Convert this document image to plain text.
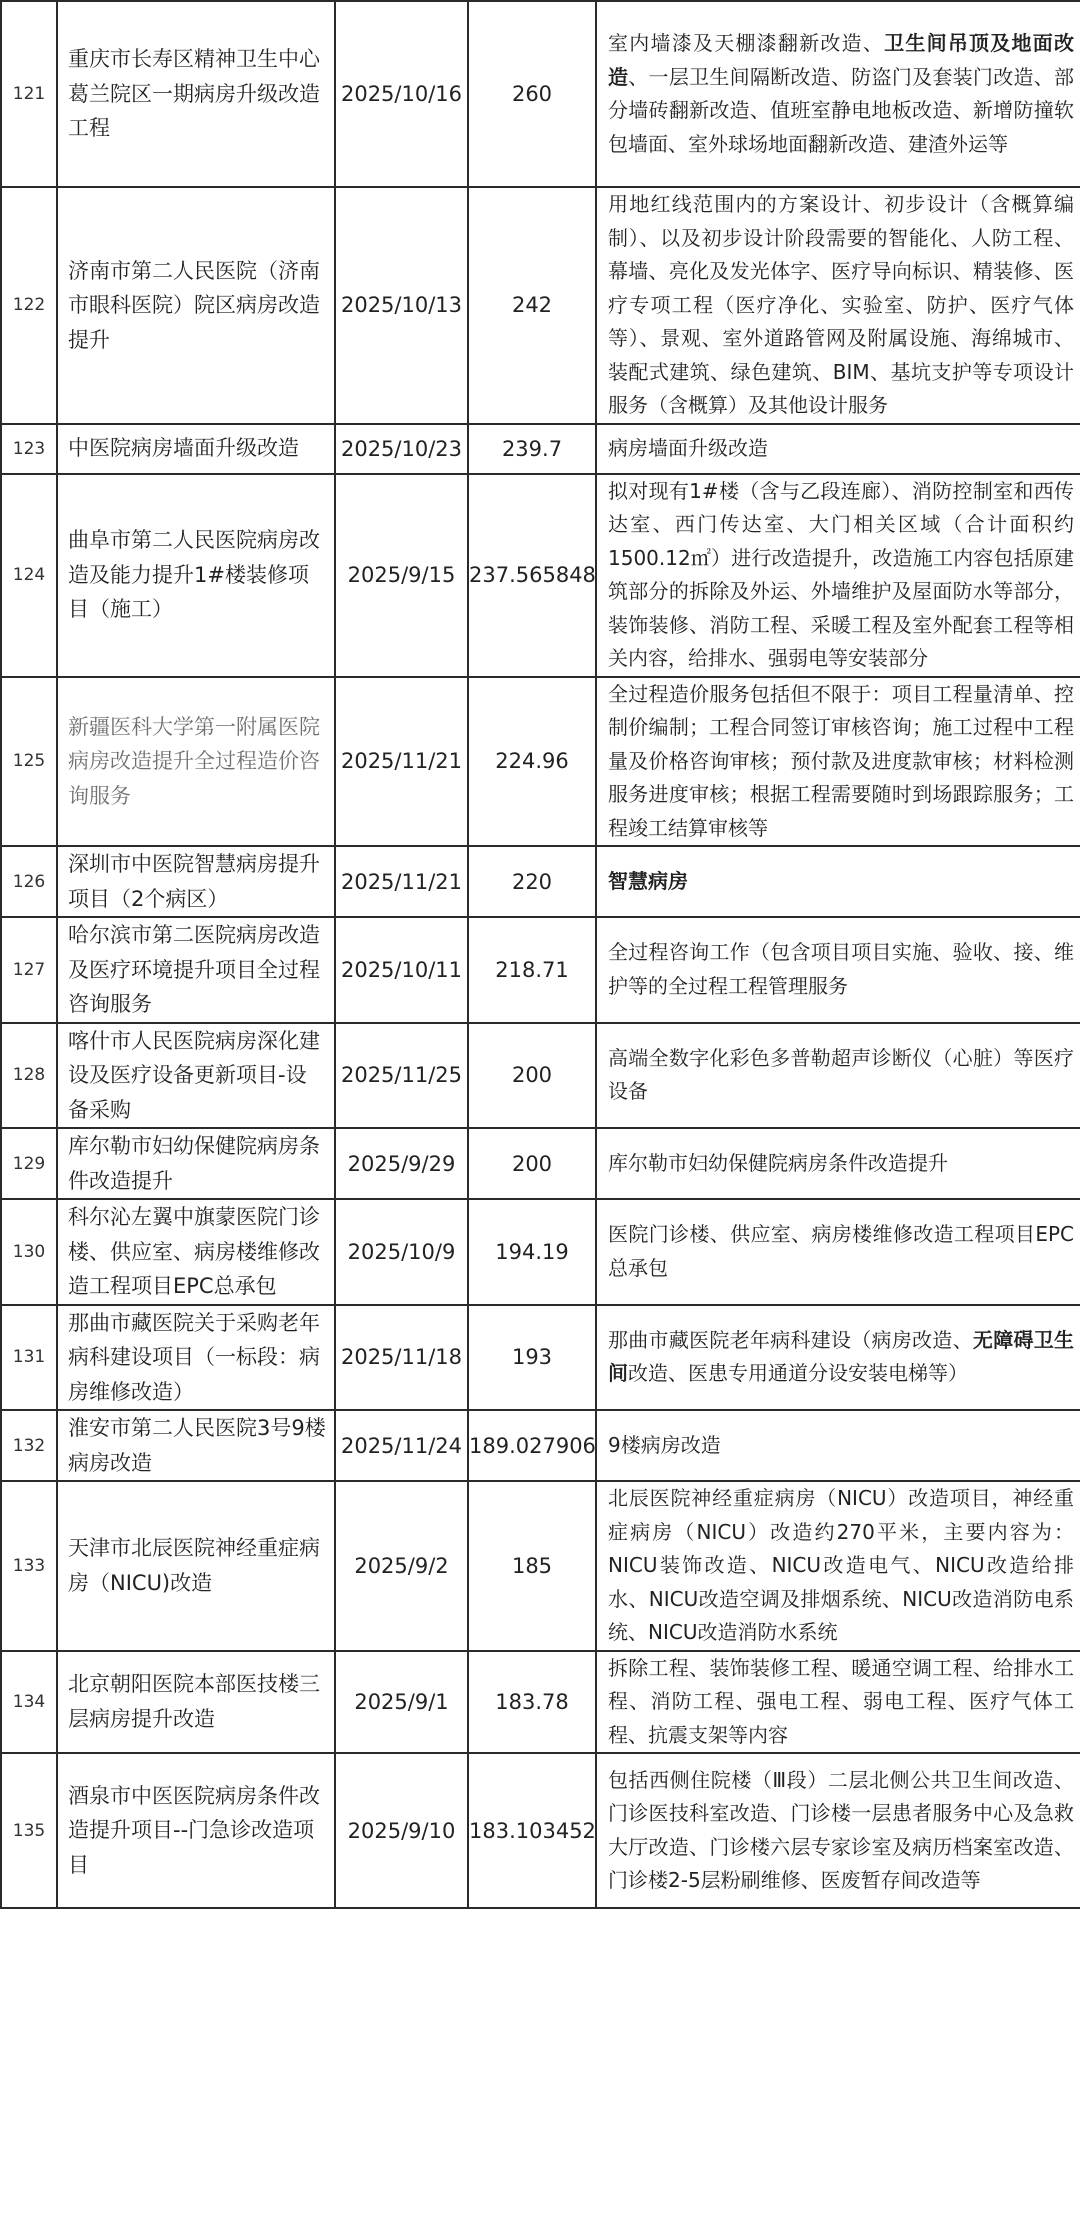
121	重庆市长寿区精神卫生中心葛兰院区一期病房升级改造工程	2025/10/16	260	室内墙漆及天棚漆翻新改造、卫生间吊顶及地面改造、一层卫生间隔断改造、防盗门及套装门改造、部分墙砖翻新改造、值班室静电地板改造、新增防撞软包墙面、室外球场地面翻新改造、建渣外运等
122	济南市第二人民医院（济南市眼科医院）院区病房改造提升	2025/10/13	242	用地红线范围内的方案设计、初步设计（含概算编制）、以及初步设计阶段需要的智能化、人防工程、幕墙、亮化及发光体字、医疗导向标识、精装修、医疗专项工程（医疗净化、实验室、防护、医疗气体等）、景观、室外道路管网及附属设施、海绵城市、装配式建筑、绿色建筑、BIM、基坑支护等专项设计服务（含概算）及其他设计服务
123	中医院病房墙面升级改造	2025/10/23	239.7	病房墙面升级改造
124	曲阜市第二人民医院病房改造及能力提升1#楼装修项目（施工）	2025/9/15	237.565848	拟对现有1#楼（含与乙段连廊）、消防控制室和西传达室、西门传达室、大门相关区域（合计面积约1500.12㎡）进行改造提升，改造施工内容包括原建筑部分的拆除及外运、外墙维护及屋面防水等部分，装饰装修、消防工程、采暖工程及室外配套工程等相关内容，给排水、强弱电等安装部分
125	新疆医科大学第一附属医院病房改造提升全过程造价咨询服务	2025/11/21	224.96	全过程造价服务包括但不限于：项目工程量清单、控制价编制；工程合同签订审核咨询；施工过程中工程量及价格咨询审核；预付款及进度款审核；材料检测服务进度审核；根据工程需要随时到场跟踪服务；工程竣工结算审核等
126	深圳市中医院智慧病房提升项目（2个病区）	2025/11/21	220	智慧病房
127	哈尔滨市第二医院病房改造及医疗环境提升项目全过程咨询服务	2025/10/11	218.71	全过程咨询工作（包含项目项目实施、验收、接、维护等的全过程工程管理服务
128	喀什市人民医院病房深化建设及医疗设备更新项目-设备采购	2025/11/25	200	高端全数字化彩色多普勒超声诊断仪（心脏）等医疗设备
129	库尔勒市妇幼保健院病房条件改造提升	2025/9/29	200	库尔勒市妇幼保健院病房条件改造提升
130	科尔沁左翼中旗蒙医院门诊楼、供应室、病房楼维修改造工程项目EPC总承包	2025/10/9	194.19	医院门诊楼、供应室、病房楼维修改造工程项目EPC总承包
131	那曲市藏医院关于采购老年病科建设项目（一标段：病房维修改造）	2025/11/18	193	那曲市藏医院老年病科建设（病房改造、无障碍卫生间改造、医患专用通道分设安装电梯等）
132	淮安市第二人民医院3号9楼病房改造	2025/11/24	189.027906	9楼病房改造
133	天津市北辰医院神经重症病房（NICU)改造	2025/9/2	185	北辰医院神经重症病房（NICU）改造项目，神经重症病房（NICU）改造约270平米，主要内容为：NICU装饰改造、NICU改造电气、NICU改造给排水、NICU改造空调及排烟系统、NICU改造消防电系统、NICU改造消防水系统
134	北京朝阳医院本部医技楼三层病房提升改造	2025/9/1	183.78	拆除工程、装饰装修工程、暖通空调工程、给排水工程、消防工程、强电工程、弱电工程、医疗气体工程、抗震支架等内容
135	酒泉市中医医院病房条件改造提升项目--门急诊改造项目	2025/9/10	183.103452	包括西侧住院楼（Ⅲ段）二层北侧公共卫生间改造、门诊医技科室改造、门诊楼一层患者服务中心及急救大厅改造、门诊楼六层专家诊室及病历档案室改造、门诊楼2-5层粉刷维修、医废暂存间改造等
